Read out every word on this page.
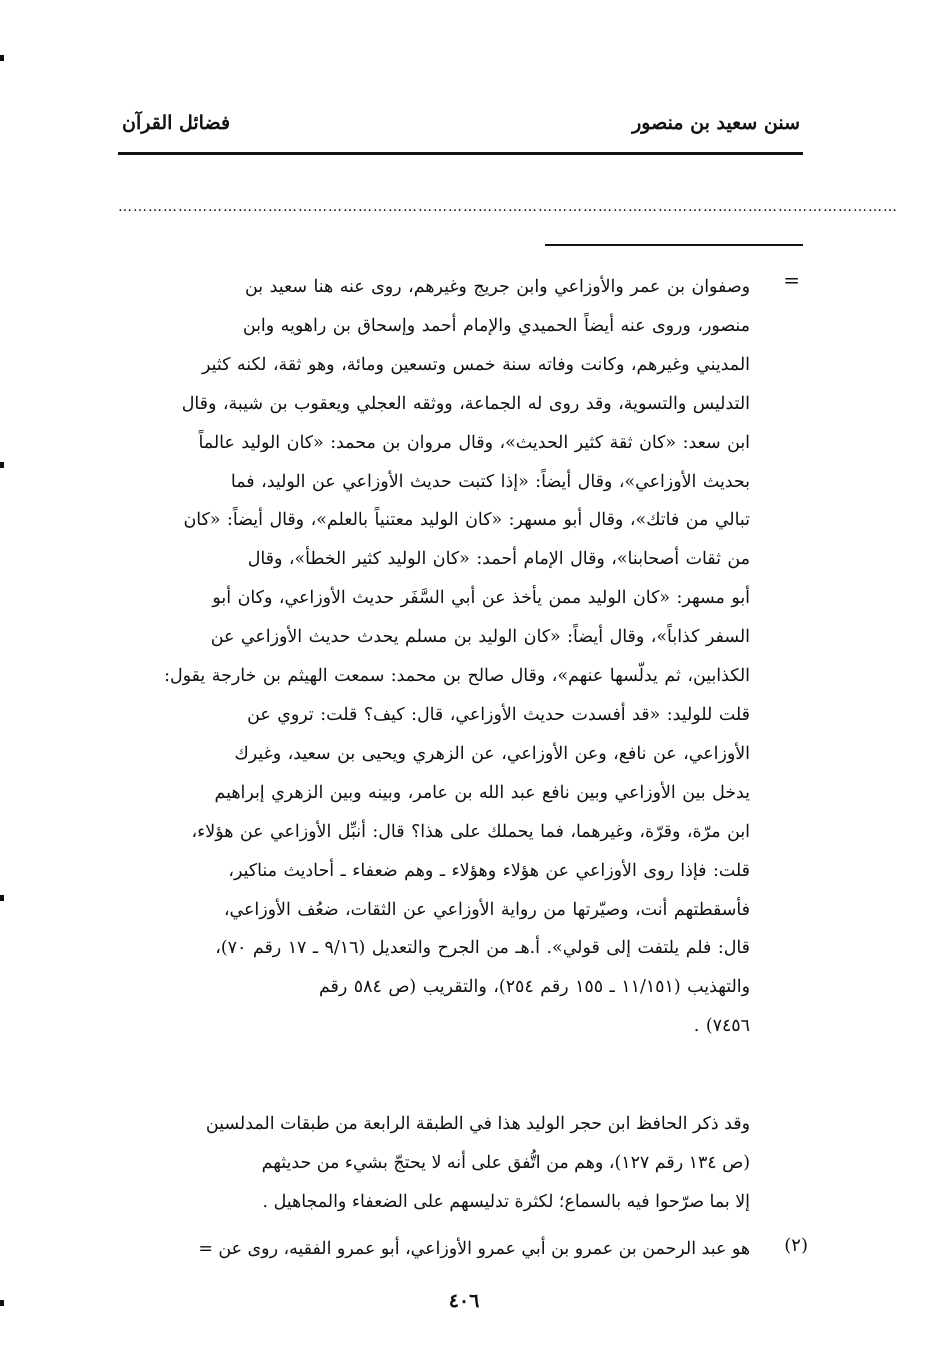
سنن سعيد بن منصور
فضائل القرآن
…………………………………………………………………………………………………………………………………………
=
وصفوان بن عمر والأوزاعي وابن جريج وغيرهم، روى عنه هنا سعيد بن
منصور، وروى عنه أيضاً الحميدي والإمام أحمد وإسحاق بن راهويه وابن
المديني وغيرهم، وكانت وفاته سنة خمس وتسعين ومائة، وهو ثقة، لكنه كثير
التدليس والتسوية، وقد روى له الجماعة، ووثقه العجلي ويعقوب بن شيبة، وقال
ابن سعد: «كان ثقة كثير الحديث»، وقال مروان بن محمد: «كان الوليد عالماً
بحديث الأوزاعي»، وقال أيضاً: «إذا كتبت حديث الأوزاعي عن الوليد، فما
تبالي من فاتك»، وقال أبو مسهر: «كان الوليد معتنياً بالعلم»، وقال أيضاً: «كان
من ثقات أصحابنا»، وقال الإمام أحمد: «كان الوليد كثير الخطأ»، وقال
أبو مسهر: «كان الوليد ممن يأخذ عن أبي السَّفَر حديث الأوزاعي، وكان أبو
السفر كذاباً»، وقال أيضاً: «كان الوليد بن مسلم يحدث حديث الأوزاعي عن
الكذابين، ثم يدلّسها عنهم»، وقال صالح بن محمد: سمعت الهيثم بن خارجة يقول:
قلت للوليد: «قد أفسدت حديث الأوزاعي، قال: كيف؟ قلت: تروي عن
الأوزاعي، عن نافع، وعن الأوزاعي، عن الزهري ويحيى بن سعيد، وغيرك
يدخل بين الأوزاعي وبين نافع عبد الله بن عامر، وبينه وبين الزهري إبراهيم
ابن مرّة، وقرّة، وغيرهما، فما يحملك على هذا؟ قال: أنبِّل الأوزاعي عن هؤلاء،
قلت: فإذا روى الأوزاعي عن هؤلاء وهؤلاء ـ وهم ضعفاء ـ أحاديث مناكير،
فأسقطتهم أنت، وصيّرتها من رواية الأوزاعي عن الثقات، ضعُف الأوزاعي،
قال: فلم يلتفت إلى قولي». أ.هـ من الجرح والتعديل (٩/١٦ ـ ١٧ رقم ٧٠)،
والتهذيب (١١/١٥١ ـ ١٥٥ رقم ٢٥٤)، والتقريب (ص ٥٨٤ رقم
٧٤٥٦) .
وقد ذكر الحافظ ابن حجر الوليد هذا في الطبقة الرابعة من طبقات المدلسين
(ص ١٣٤ رقم ١٢٧)، وهم من اتُّفق على أنه لا يحتجّ بشيء من حديثهم
إلا بما صرّحوا فيه بالسماع؛ لكثرة تدليسهم على الضعفاء والمجاهيل .
(٢)
هو عبد الرحمن بن عمرو بن أبي عمرو الأوزاعي، أبو عمرو الفقيه، روى عن =
٤٠٦
